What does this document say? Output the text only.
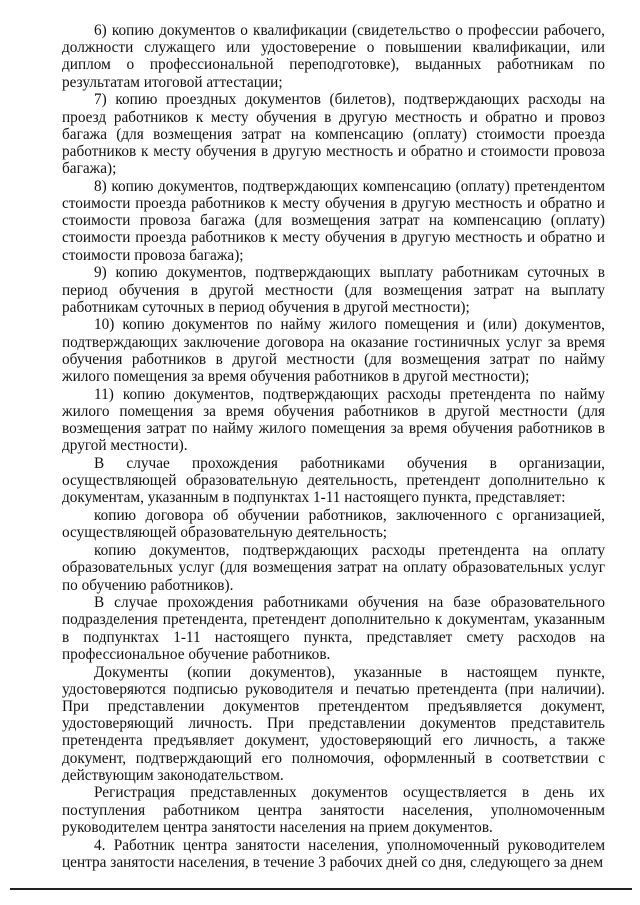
6) копию документов о квалификации (свидетельство о профессии рабочего, должности служащего или удостоверение о повышении квалификации, или диплом о профессиональной переподготовке), выданных работникам по результатам итоговой аттестации;

7) копию проездных документов (билетов), подтверждающих расходы на проезд работников к месту обучения в другую местность и обратно и провоз багажа (для возмещения затрат на компенсацию (оплату) стоимости проезда работников к месту обучения в другую местность и обратно и стоимости провоза багажа);

8) копию документов, подтверждающих компенсацию (оплату) претендентом стоимости проезда работников к месту обучения в другую местность и обратно и стоимости провоза багажа (для возмещения затрат на компенсацию (оплату) стоимости проезда работников к месту обучения в другую местность и обратно и стоимости провоза багажа);

9) копию документов, подтверждающих выплату работникам суточных в период обучения в другой местности (для возмещения затрат на выплату работникам суточных в период обучения в другой местности);

10) копию документов по найму жилого помещения и (или) документов, подтверждающих заключение договора на оказание гостиничных услуг за время обучения работников в другой местности (для возмещения затрат по найму жилого помещения за время обучения работников в другой местности);

11) копию документов, подтверждающих расходы претендента по найму жилого помещения за время обучения работников в другой местности (для возмещения затрат по найму жилого помещения за время обучения работников в другой местности).

В случае прохождения работниками обучения в организации, осуществляющей образовательную деятельность, претендент дополнительно к документам, указанным в подпунктах 1-11 настоящего пункта, представляет:

копию договора об обучении работников, заключенного с организацией, осуществляющей образовательную деятельность;

копию документов, подтверждающих расходы претендента на оплату образовательных услуг (для возмещения затрат на оплату образовательных услуг по обучению работников).

В случае прохождения работниками обучения на базе образовательного подразделения претендента, претендент дополнительно к документам, указанным в подпунктах 1-11 настоящего пункта, представляет смету расходов на профессиональное обучение работников.

Документы (копии документов), указанные в настоящем пункте, удостоверяются подписью руководителя и печатью претендента (при наличии). При представлении документов претендентом предъявляется документ, удостоверяющий личность. При представлении документов представитель претендента предъявляет документ, удостоверяющий его личность, а также документ, подтверждающий его полномочия, оформленный в соответствии с действующим законодательством.

Регистрация представленных документов осуществляется в день их поступления работником центра занятости населения, уполномоченным руководителем центра занятости населения на прием документов.

4. Работник центра занятости населения, уполномоченный руководителем центра занятости населения, в течение 3 рабочих дней со дня, следующего за днем
